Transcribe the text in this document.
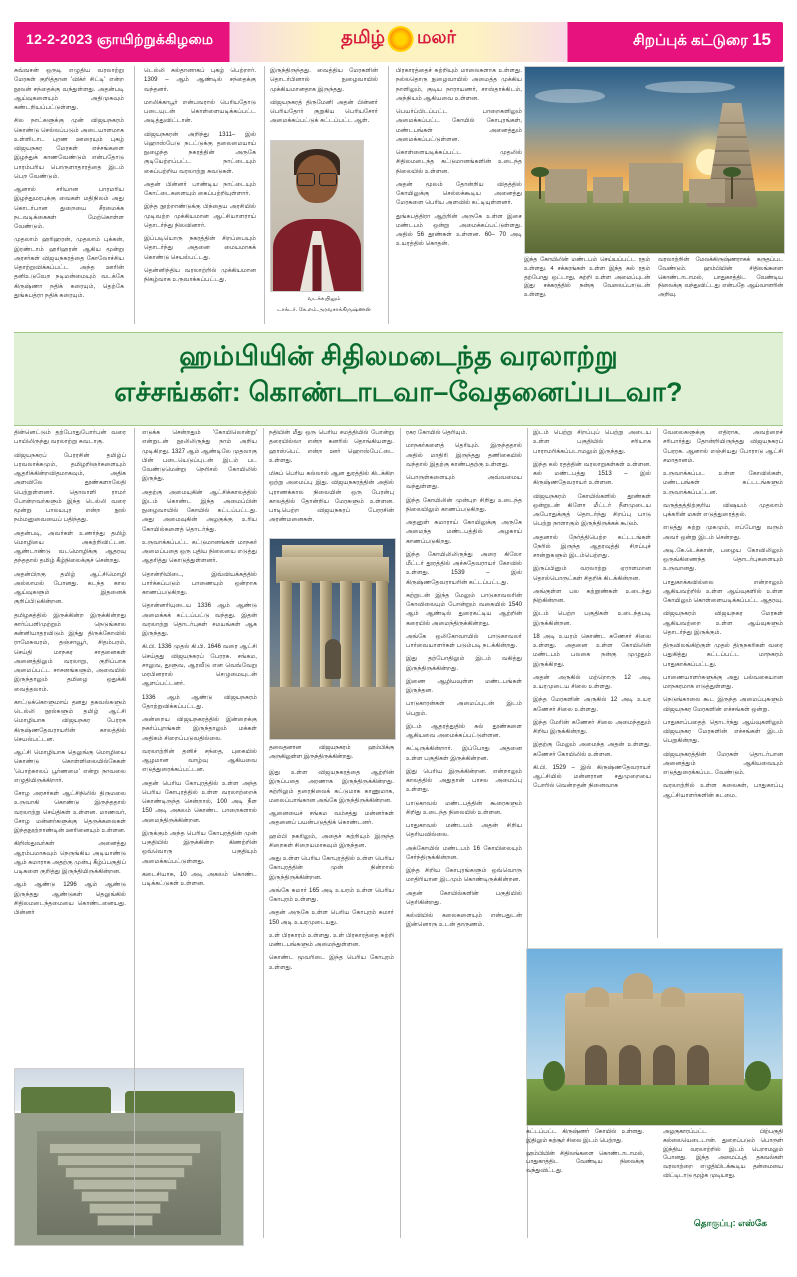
12-2-2023 ஞாயிற்றுக்கிழமை	தமிழ் மலர்	சிறப்புக் கட்டுரை 15

சுவ்வசன் ஒருடி எழுதிய வரலாற்று மேரகள் குறித்தான 'விக்ர் சிட்டி' என்ற நூலன் சந்தைக்கு வந்துள்ளது. அதன்படி ஆய்வுகளையும் அதிமுகவும் கண்டறியப்பட்டுள்ளது.

சில நாட்களுக்கு முன் விஜயநகரம் கொண்டு செல்லப்படும் அடையாளமாக உள்ளிடாட புரண ஊரையும் புகழ் விஜயநகர மேரகள் எச்சங்களை இழந்துக் காணவேண்டும் என்பதோடு பாரம்பரிய பொருளாதாரத்தை இடம் பெற வேண்டும்.

ஆனால் சரியான பாரமரிய இழந்துமரபுக்கு வைகள் மதிநிலம் அது கொடர்பான துறையை சீரமைக்க நடவடிக்கைகள் மேற்கொள்ள வேண்டும்.

முதலாம் ஹரிஹரன், முதலாம் புக்கன், இரண்டாம் ஹரிஹரன் ஆகிய மூன்று அரசர்கள் விஜயநகரத்தை கோலோச்சிய தொற்றுவிக்கப்பட்ட அந்த ஊரின் தனிஉடுவேற நடிமன்மையும் வடக்கே கிருஷ்ணா நதிக் கரையும், தெற்கே துங்கபத்ரா நதிக் கரையும்.

டெல்லி சுல்தானாகப் புகழ் பெற்றார். 1309 – ஆம் ஆண்டில் சந்தைக்கு வந்தனர்.

மாலிக்காபூர் என்பவரால் பெரியதோடு படையுடன் கொள்ளையடிக்கப்பட்ட அடித்துவிட்டான்.

விஜயநகரன் அறிந்து 1311– இல் ஹொஸ்பேடு நடட்டுக்கு தலைமையாய் நுழைந்த நகரத்தின் அருகே குடியேற்றப்பட்ட நாட்டையும் கைப்பற்றிய வரலாற்று சுவடுகள்.

அதன் பின்னர் பாண்டிய நாட்டையும் கோட்டைகளையும் கைப்பற்றியுள்ளார்.

இந்த நூற்றாண்டுக்கு பிந்தைய அரசியில் முடிவற்ற முக்கியமான ஆட்சியாளராய் தொடர்ந்து நிலவினார்.

இப்படியொரு நகரத்தின் சிறப்பையும் தொடர்ந்து அதனை மையமாகக் கொண்டு செயல்பட்டது.

தென்னிந்திய வரலாற்றில் முக்கியமான நிகழ்வாக உருவாக்கப்பட்டது.

இருந்திருந்தது. வைத்திய மேரகளின் தொடர்பினால் நுழைவாயில் முக்கியமானதாக இருந்தது.

விஜயநகரத் திருமேனி அதன் பின்னர் பெரியதோர் குறுகிய பெரியசோர் அமைக்கப்பட்டுக் கட்டப்பட்ட ஆள்.

வடக்கயிலும்
டாக்டர். கே.எம்.அரவசாக்கிருஷ்ணன்

பிரகாரத்தைச் சுற்றியும் மாலைகளாக உள்ளது. நல்லதொரு நுழைவாயில் அமைத்த முக்கிய நாளிலும், குடிய நாராயணர், சாஸ்தாக்கிடம், அந்நியம் ஆகியவை உள்ளன.

பெயர்ப்பிடப்பட்ட பாறைகளிலும் அமைக்கப்பட்ட கோயில் கோபுரங்கள், மண்டபங்கள் அனைத்தும் அமைக்கப்பட்டுள்ளன.

கொள்ளையடிக்கப்பட்ட முதலில் சிதிலமடைந்த கட்டுமானங்களின் உடைந்த நிலையில் உள்ளன.

அதன் மூலம் தோன்றிய விதத்தில் கோயிலுக்கு செல்லக்கூடிய அனைத்து மேரகளை பெரிய அளவில் கட்டியுள்ளனர்.

துங்கபத்திரா ஆற்றின் அருகே உள்ள இசை மண்டபம் ஒன்று அமைக்கப்பட்டுள்ளது. அதில் 56 தூண்கள் உள்ளன. 60– 70 அடி உயரத்தில் கொதன்.

இந்த கோயிலின் மண்டபம் செய்யப்பட்ட ரதம் உள்ளது. 4 சக்கரங்கள் உள்ள இந்த கல் ரதம் தற்போது ஒட்டாது, சுற்றி உள்ள அமைப்புடன் இது சக்கரத்தில் நன்கு வேலைப்பாடுடன் உள்ளது.

வரலாற்றின் மேலக்கிருஷ்ணராகக் கருதப்பட வேண்டும். ஹம்பியின் சிதிலங்களை கொண்டாடாமல், பாதுகாத்திட வேண்டிய நிலைக்கு வந்துவிட்டது என்பதே ஆய்வாளரின் அறிவு.

ஹம்பியின் சிதிலமடைந்த வரலாற்று
எச்சங்கள்: கொண்டாடவா–வேதனைப்படவா?

தின்னெட்டும் தற்போதுபோர்பன் வரை பாயிலிருந்து வரலாற்று சுவடாகு.

விஜயநகரப் பேரரசின் தமிழ்ப் பரவலாக்கமும், தமிழறிஞர்களையும் ஆதரிக்கின்றவிதமாகவும், அதிக அளவிலே தூண்களாலேதி பெற்றுள்ளனர். தொலாளி ராமர் போன்றவர்களும் இந்த டெல்லி வரை மூன்று பாலயபுர என்ற நூல் நம்மனுவையைப் பதிந்தது.

அதன்படி, அவர்கள் உணர்ந்து தமிழ் மொழியை அகற்றிவிட்டன. ஆண்டாண்டு வடமொழிக்கு ஆதரவு தந்ததால் தமிழ் கீழ்நிலைக்குச் சென்றது.

அதன்பிறகு தமிழ் ஆட்சிமொழி அல்லாமல் போனது. கடந்த கால ஆய்வுகளும் இதனைக் குறிப்பிடுகின்றன.

தமிழகத்தில் இருக்கின்ற இருக்கின்றது கார்ப்பளிமுற்றும் நெடுங்கால கன்னியாதரவிடும் இந்து திருக்கோவில் ராமேசுவரம், தஞ்சாவூர், சிதம்பரம், செய்தி மாநகர சாதனைகள் அனைத்திலும் வரலாறு, குறிப்பாக அமைப்பட்ட சாசனங்களும், அவையில் இருந்தாலும் தமிழை ஒதுக்கி வைத்தலாம்.

காட்டுக்கொளுமாய் தனது தகவல்களும் டெல்லி நூல்களும் தமிழ் ஆட்சி மொழியாக விஜயநகர பேரரசு கிருஷ்ணதேவராயரின் காலத்தில் செயல்பட்டன.

ஆட்சி மொழியாக தெலுங்கு மொழியை கொண்டு கொள்ளிலையில்கேகள் 'பொற்காலப் பூர்ணமை' என்று நாவலை எழுதியிருக்கிறார்.

சோழ அரசர்கள் ஆட்சிநிலில் திருமலை உருவாகி கொண்டு இருந்ததால் வரலாற்று செய்திகள் உள்ளன. மாணவர், சோழ மன்னர்களுக்கு தெருக்கலைகள் இந்தநூற்றாண்டின் ஊரினையும் உள்ளன.

கிறிஸ்துவர்கள் அனைத்து ஆரம்பமாகவும் நெருங்கிய அடியாண்டு ஆம் சுமாராக அதற்கு முன்பு கீழ்ப்பகுதிப் படிகளை குறித்து இருந்தியிருக்கின்றன.

ஆம் ஆண்டு 1296 ஆம் ஆண்டு இருந்தது ஆண்டுகள் தெலுங்கில் சிதிலமடைந்தமையை கொண்டனையது. பின்னர்

எடுக்க சென்றதும் 'கோயிலொன்று' என்றுடன் நூலிலிருந்து நாம் அறிய முடிகிறது. 1327 ஆம் ஆண்டிலே முதலாகு பின் படையெடுப்புடன் இடம் பட வேண்டுமென்று நெரிசல் கோயிலில் இருந்து.

அதற்கு அமையுகின் ஆட்சிக்காலத்தில் இடம் கொண்ட இந்த அமைப்பின் நுழைவாயில் கோயில் கட்டப்பட்டது. அது அமைவுகின் அழகுக்கு உரிய கோயில்களைத் தொடர்ந்து.

உருவாக்கப்பட்ட கட்டுமானங்கள் மாநகர் அமைப்பதை ஒரு புதிய நிலையை எடுத்து ஆதரித்து கொடுத்துள்ளனர்.

தொன்றியிடை, இவ்வியக்கத்தில் பார்க்கப்படும் பாணையும் ஒன்றாக காணப்படுகிறது.

தொன்னரியுடைய 1336 ஆம் ஆண்டு அமைக்கக் கட்டப்பட்டு வந்தது. இதன் வரலாற்று தொடர்புகள் சமயங்கள் ஆக இருந்தது.

கி.பி. 1336 முதல் கி.பி. 1646 வரை ஆட்சி செய்தது விஜயநகரப் பேரரசு. சங்கம, சாலுவ, துளுவ, ஆரவீடு என வெவ்வேறு மரபினரால் செழுமையுடன் ஆளப்பட்டனர்.

1336 ஆம் ஆண்டு விஜயநகரம் தோற்றுவிக்கப்பட்டது.

அன்றைய விஜயநகரத்தில் இன்றைக்கு நகர்ப்புறங்கள் இருந்தாலும் மக்கள் அதிகம் சிறைப்படுவதில்லை.

வரலாற்றின் தனிச் சந்தை, புகையில் ஆழமான வாழ்வு ஆகியவை எடுத்துரைக்கப்பட்டன.

அதன் பெரிய கோபுரத்தில் உள்ள அந்த பெரிய கோபுரத்தில் உள்ள வரலாற்றைக் கொண்டிருந்த சென்றால், 100 அடி நீள 150 அடி அகலம் கொண்ட பாறைகளால் அமைந்திருக்கின்றன.

இருக்கும் அந்த பெரிய கோபுரத்தின் முன் பகுதியில் இருக்கின்ற கிணற்றின் ஒவ்வொரு பகுதியும் அமைக்கப்பட்டுள்ளது.

கடைசியாக, 10 அடி அகலம் கொண்ட படிக்கட்டுகள் உள்ளன.

நதியின் மீது ஒரு பெரிய சமத்தியில் போன்று தரையில்லா என்ற கனரில் தொங்கியளது. ஹாஸ்பெட் என்ற ஊர் ஹொஸ்பேட்டை உள்ளது.

மிகப் பெரிய கல்லால் ஆன துரத்தில் கிடக்கிற ஒற்று அமைப்பு இது. விஜயநகரத்தின் அதில் புராணக்கால நிலையின் ஒரு பேரன்பு காலத்தில் தோன்றிய மேரகளும் உள்ளன. பாடிபெற்ற விஜயநகரப் பேரரசின் அரண்மனைகள்.

தலைதனான விஜயநகரம் ஹம்பிக்கு அருகிலுள்ள இருந்திருக்கின்றது.

இது உள்ள விஜயநகரத்தை ஆற்றின் இருப்பதை அரணாக இருந்திருக்கின்றது. சுற்றிலும் தரைநிலைக் கட்டுமாக காணுமாக, மலைப்பாங்கான அங்கே இருந்திருக்கின்றன.

ஆனையைச் சங்கம வம்சத்து மன்னர்கள் அதனைப் பயன்படுத்திக் கொண்டனர்.

ஹம்பி நகரிலும், அதைச் சுற்றியும் இருந்த சிறைகள் சிறையமாகவும் இருந்தன.

அது உள்ள பெரிய கோபுரத்தில் உள்ள பெரிய கோபுரத்தின் முன் நின்றால் இருந்திருக்கின்றன.

அங்கே சுமார் 165 அடி உயரம் உள்ள பெரிய கோபுரம் உள்ளது.

அதன் அருகே உள்ள பெரிய கோபுரம் சுமார் 150 அடி உயரமுடையது.

உள் பிரகாரம் உள்ளது. உள் பிரகாரத்தை சுற்றி மண்டபங்களும் அமைந்துள்ளன.

கொண்ட மூவரிடை இந்த பெரிய கோபுரம் உள்ளது.

ரகர கோயில் தெரியும்.

மாநகர்களைத் தெரியும். இருந்ததால் அதில் மாதிரி இருந்தது தணிகையில் வந்தால் இதற்கு காண்பதற்கு உள்ளது.

பொருள்களையும் அவ்வமைய வந்துள்ளது.

இந்த கோயிலின் முன்புற சிறிது உடைந்த நிலையிலும் காணப்படுகிறது.

அதனுள் சுமாராய் கோயிலுக்கு அருகே அமைந்த மண்டபத்தில் அழகாய் காணப்படுகிறது.

இந்த கோயிலிலிருந்து அரை கிலோ மீட்டர் தூரத்தில் அச்சுதேவராயர் கோவில் உள்ளது. 1539 – இல் கிருஷ்ணதேவராயரின் கட்டப்பட்டது.

சுற்றுடன் இந்த மேலும் பாடுகாவலரின் கோவிலையும் போன்றும் வகையில் 1540 ஆம் ஆண்டில் துரைகட்டிய ஆற்றின் கரையில் அமைந்திருக்கின்றது.

அங்கே ஒலிகோவாயில் பாடுகாவலர் பார்வையாளர்கள் படும்படி நடக்கின்றது.

இது தற்போதிலும் இடம் வகித்து இருந்திருக்கின்றது.

இணை ஆழியவுள்ள மண்டபங்கள் இருந்தன.

பாடுகாரன்கள் அமைப்புடன் இடம் பெறும்.

இடம் ஆதரத்துதில் கல் தூண்களை ஆகியவை அமைக்கப்பட்டுள்ளன.

சுட்டிருக்கின்றார். இப்போது அதனை உள்ள பகுதிகள் இருக்கின்றன.

இது பெரிய இருக்கின்றன. என்றாலும் காலத்தில் அதுதான் பாசல அமைப்பு உள்ளது.

பாடுகாவல் மண்டபத்தின் கூரைகளும் சிறிது உடைந்த நிலையில் உள்ளன.

பாதுகாவல் மண்டபம் அதன் சிறிய தெரியவில்லை.

அக்கோயில் மண்டபம் 16 கோயிலையும் சேர்ந்திருக்கின்றன.

இந்த சிறிய கோபுரங்களும் ஒவ்வொரு மாதிரியான இடமும் கொண்டிருக்கின்றன.

அதன் கோயில்களின் பகுதியில் தெரிகின்றது.

கல்வியில் கலைகளையும் என்பதுடன் இன்னொரு உடன் தாருணம்.

இடம் பெற்று சிறப்புப் பெற்று அடைய உள்ள பகுதியில் சரியாக பாராமரிக்கப்படாமலும் இருந்தது.

இந்த கல் ரதத்தின் வரலாறுகள்கள் உள்ளன. கல் மண்டபத்து 1513 – இல் கிருஷ்ணதேவராயர் உள்ளன.

விஜயநகரம் கோயில்களில் தூண்கள் ஒன்றுடன் கிளோ மீட்டர் நீளமுடைய அபோதுக்குத் தொடர்ந்து சிறப்பு பாடு பெற்று நாளாகும் இருந்திருக்கக் கூடும்.

அதனால் நேர்த்திபெற்ற கட்டடங்கள் நேரில் இருந்த ஆதரவுத்தி சிறப்புச் சான்றுகளும் இடம்பெற்றது.

இருப்பினும் வரலாற்று ஏராளமான தொல்பொருட்கள் சிதறிக் கிடக்கின்றன.

அங்குள்ள பல கற்றூண்கள் உடைந்து நிற்கின்றன.

இடம் பெற்ற பகுதிகள் உடைந்தபடி இருக்கின்றன.

18 அடி உயரம் கொண்ட கணேசர் சிலை உள்ளது. அதனை உள்ள கோயிலின் மண்டபம் பலகை நன்கு முழுதும் இருக்கிறது.

அதன் அருகில் மற்றொரு 12 அடி உயரமுடைய சிலை உள்ளது.

இந்த மேரகளின் அருகில் 12 அடி உயர கணேசர் சிலை உள்ளது.

இந்த மேரின் கணேசர் சிலை அமைந்ததும் சிறிய இருக்கின்றது.

இதற்கு மேலும் அமைந்த அதன் உள்ளது. கணேசர் கோயிலில் உள்ளன.

கி.பி. 1529 – இல் கிருஷ்ணதேவராயர் ஆட்சியில் மன்னரான சதுமுறையை போரில் வென்றதன் நினைவாக

வேலைகளுக்கு எதிராக, அவற்றைச் சரிபார்த்து தோன்றியிருந்தது விஜயநகரப் பேரரசு. ஆனால் எஞ்சியது போராடு ஆட்சி சமாதானம்.

உருவாக்கப்பட உள்ள கோவில்கள், மண்டபங்கள் கட்டடங்களும் உருவாக்கப்பட்டன.

வருத்தத்திற்குரிய விஷயம் முதலாம் புக்கரின் மகள் எடுத்துரைத்தல்.

எடுத்து சுற்று முகமும், எப்போது வரும் அவர் ஒன்று இடம் சென்றது.

அடி.கே.டெக்கான், பழைய கோவிலிலும் ஒருங்கிணைந்த தொடர்புகளையும் உருவானது.

பாதுகாக்கவில்லை என்றாலும் ஆகியவற்றில் உள்ள ஆய்வுகளில் உள்ள கோயிலும் கொள்ளையடிக்கப்பட்ட ஆதரவு.

விஜயநகரம் விஜயநகர மேரகள் ஆகியவற்றை உள்ள ஆய்வுகளும் தொடர்ந்து இருக்கும்.

திருவிலங்கிற்குள் முதல் திருநகரிகள் வரை பதுகித்து கட்டப்பட்ட மாநகரம் பாதுகாக்கப்பட்டது.

பாணையாளர்களுக்கு அது பல்வகையான மாநகரமாக எடுத்துள்ளது.

நெடுங்காலை கூட இருந்த அமைப்புகளும் விஜயநகர மேரகளின் எச்சங்கள் ஒன்று.

பாதுகாப்பதைத் தொடர்ந்து ஆய்வுகளிலும் விஜயநகர மேரகளின் எச்சங்கள் இடம் பெறுகின்றது.

விஜயநகரத்தின் மேரகள் தொடர்பான அனைத்தும் ஆகியவையும் எடுத்துரைக்கப்பட வேண்டும்.

வரலாற்றில் உள்ள கலைகள், பாதுகாப்பு ஆட்சியாளர்களின் கடமை.

கட்டப்பட்ட கிருஷ்ணர் கோயில் உள்ளது. இதிலும் கற்சூர் சிலை இடம் பெற்றது.

ஹம்பியின் சிதிலங்களை கொண்டாடாமல், பாதுகாத்திட வேண்டிய நிலைக்கு வந்துவிட்டது.

அழகுகாரப்பட்ட பிற்பகுதி கல்லையெடைடான். துறைப்படும் பொருள் இந்திய வரலாற்றில் இடம் பெறாமலும் போனது. இந்த அமைப்புத் தகவல்கள் வரலாற்றை எழுதியிடக்கூடிய தன்மையை விட்டிடாடு மூழ்க முடியாது.

தொகுப்பு: எஸ்கே
